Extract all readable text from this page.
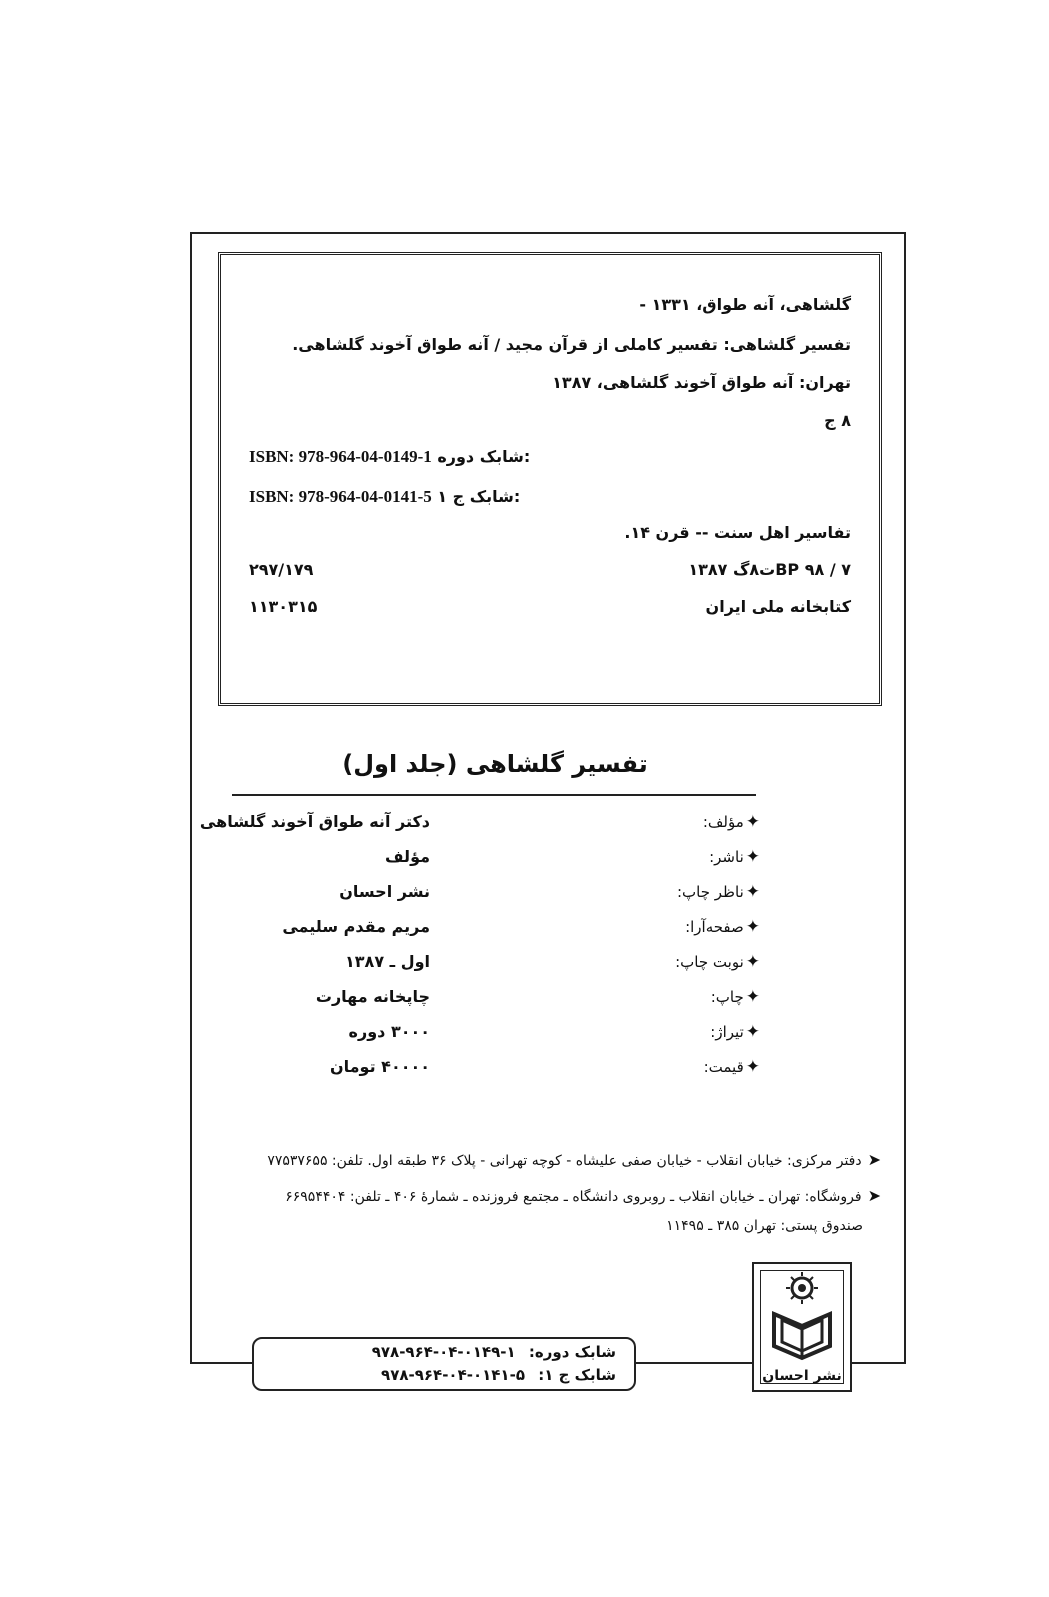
گلشاهی، آنه طواق، ۱۳۳۱ -
تفسیر گلشاهی: تفسیر کاملی از قرآن مجید / آنه طواق آخوند گلشاهی.
تهران: آنه طواق آخوند گلشاهی، ۱۳۸۷
۸ ج
ISBN: 978-964-04-0149-1 شابک دوره:
ISBN: 978-964-04-0141-5 شابک ج ۱:
تفاسیر اهل سنت -- قرن ۱۴.
BP ۹۸ / ۷ت۸گ ۱۳۸۷
۲۹۷/۱۷۹
کتابخانه ملی ایران
۱۱۳۰۳۱۵
تفسیر گلشاهی (جلد اول)
✦مؤلف:
دکتر آنه طواق آخوند گلشاهی
✦ناشر:
مؤلف
✦ناظر چاپ:
نشر احسان
✦صفحه‌آرا:
مریم مقدم سلیمی
✦نوبت چاپ:
اول ـ ۱۳۸۷
✦چاپ:
چاپخانه مهارت
✦تیراژ:
۳۰۰۰ دوره
✦قیمت:
۴۰۰۰۰ تومان
➤دفتر مرکزی: خیابان انقلاب - خیابان صفی علیشاه - کوچه تهرانی - پلاک ۳۶ طبقه اول. تلفن: ۷۷۵۳۷۶۵۵
➤فروشگاه: تهران ـ خیابان انقلاب ـ روبروی دانشگاه ـ مجتمع فروزنده ـ شمارهٔ ۴۰۶ ـ تلفن: ۶۶۹۵۴۴۰۴
صندوق پستی: تهران ۳۸۵ ـ ۱۱۴۹۵
شابک دوره: ۹۷۸-۹۶۴-۰۴-۰۱۴۹-۱
شابک ج ۱: ۹۷۸-۹۶۴-۰۴-۰۱۴۱-۵	نشر احسان
